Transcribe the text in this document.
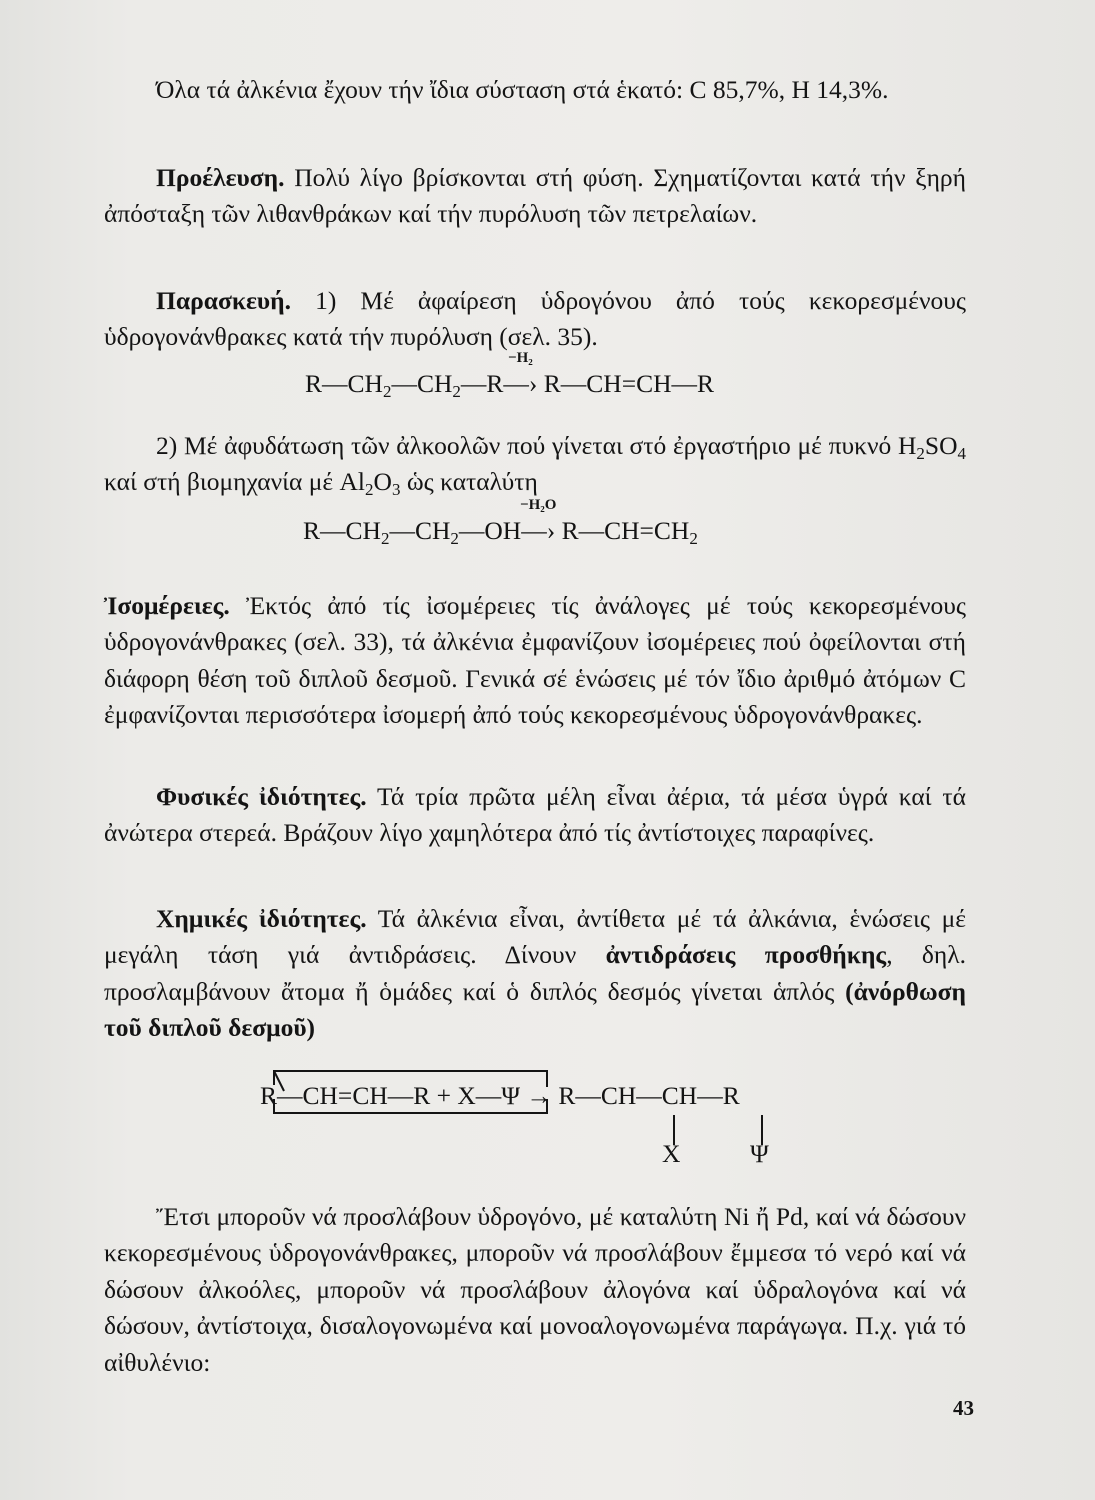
Όλα τά ἀλκένια ἔχουν τήν ἴδια σύσταση στά ἑκατό: C 85,7%, H 14,3%.

Προέλευση. Πολύ λίγο βρίσκονται στή φύση. Σχηματίζονται κατά τήν ξηρή ἀπόσταξη τῶν λιθανθράκων καί τήν πυρόλυση τῶν πετρελαίων.

Παρασκευή. 1) Μέ ἀφαίρεση ὑδρογόνου ἀπό τούς κεκορεσμένους ὑδρογονάνθρακες κατά τήν πυρόλυση (σελ. 35).

$R—CH_2—CH_2—R$
−H₂
—› R—CH=CH—R

2) Μέ ἀφυδάτωση τῶν ἀλκοολῶν πού γίνεται στό ἐργαστήριο μέ πυκνό $H_2SO_4$ καί στή βιομηχανία μέ $Al_2O_3$ ὡς καταλύτη

$R—CH_2—CH_2—OH$
−H₂O
—› $R—CH=CH_2$

Ἰσομέρειες. Ἐκτός ἀπό τίς ἰσομέρειες τίς ἀνάλογες μέ τούς κεκορεσμένους ὑδρογονάνθρακες (σελ. 33), τά ἀλκένια ἐμφανίζουν ἰσομέρειες πού ὀφείλονται στή διάφορη θέση τοῦ διπλοῦ δεσμοῦ. Γενικά σέ ἑνώσεις μέ τόν ἴδιο ἀριθμό ἀτόμων C ἐμφανίζονται περισσότερα ἰσομερή ἀπό τούς κεκορεσμένους ὑδρογονάνθρακες.

Φυσικές ἰδιότητες. Τά τρία πρῶτα μέλη εἶναι ἀέρια, τά μέσα ὑγρά καί τά ἀνώτερα στερεά. Βράζουν λίγο χαμηλότερα ἀπό τίς ἀντίστοιχες παραφίνες.

Χημικές ἰδιότητες. Τά ἀλκένια εἶναι, ἀντίθετα μέ τά ἀλκάνια, ἑνώσεις μέ μεγάλη τάση γιά ἀντιδράσεις. Δίνουν ἀντιδράσεις προσθήκης, δηλ. προσλαμβάνουν ἄτομα ἤ ὁμάδες καί ὁ διπλός δεσμός γίνεται ἁπλός (ἀνόρθωση τοῦ διπλοῦ δεσμοῦ)

R—CH=CH—R + X—Ψ → R—CH—CH—R
X	Ψ

Ἔτσι μποροῦν νά προσλάβουν ὑδρογόνο, μέ καταλύτη Ni ἤ Pd, καί νά δώσουν κεκορεσμένους ὑδρογονάνθρακες, μποροῦν νά προσλάβουν ἔμμεσα τό νερό καί νά δώσουν ἀλκοόλες, μποροῦν νά προσλάβουν ἀλογόνα καί ὑδραλογόνα καί νά δώσουν, ἀντίστοιχα, δισαλογονωμένα καί μονοαλογονωμένα παράγωγα. Π.χ. γιά τό αἰθυλένιο:

43
